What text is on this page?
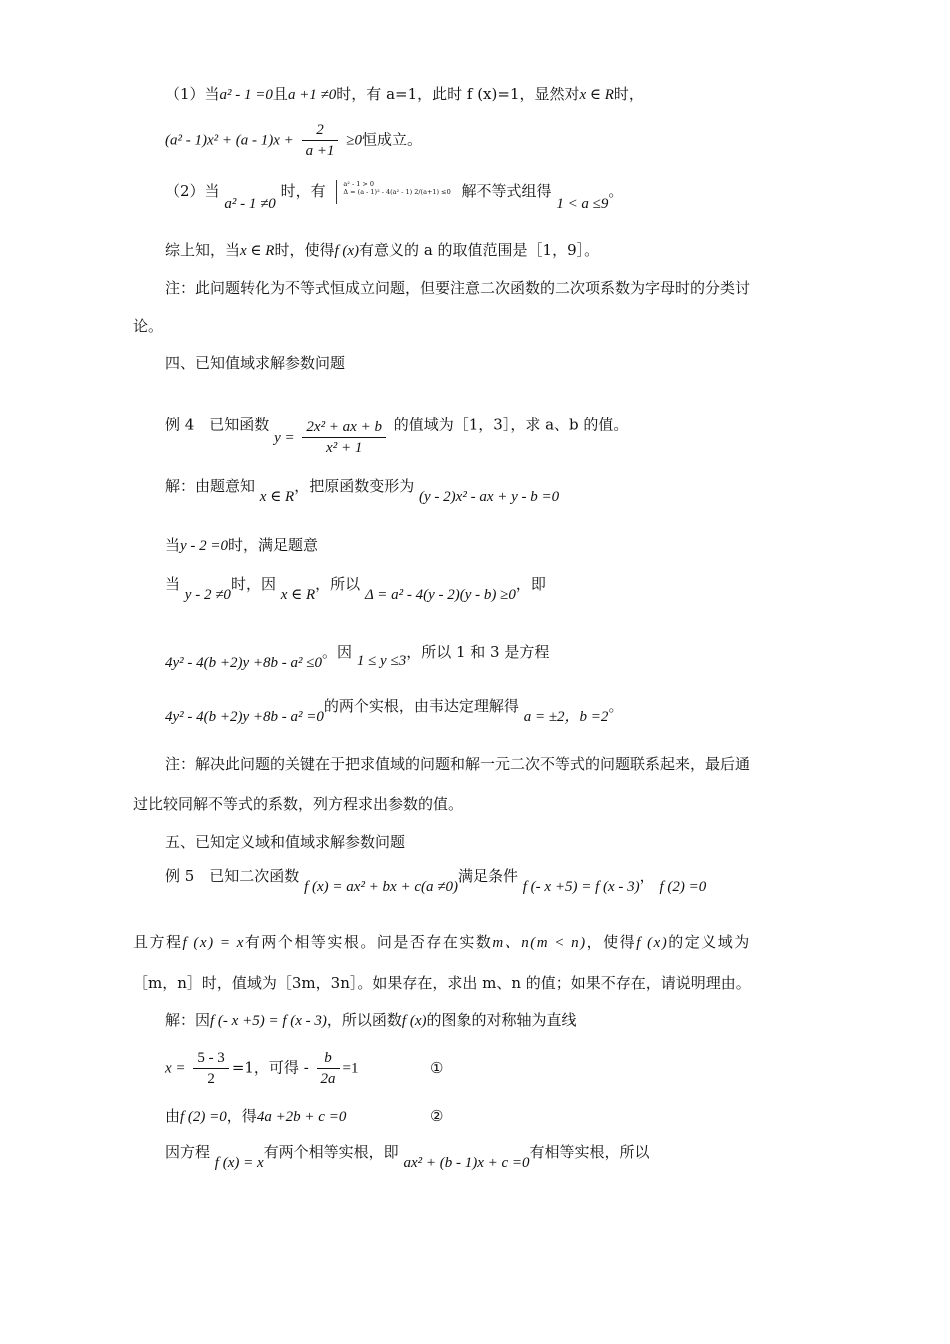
（1）当a² - 1 =0且a +1 ≠0时，有 a=1，此时 f (x)=1，显然对x ∈ R时，
$(a^2 - 1)x^2 + (a - 1)x + \frac{2}{a +1} \ge 0$恒成立。
（2）当 a² - 1 ≠0 时，有	a² - 1 > 0
Δ = (a - 1)² - 4(a² - 1) 2/(a+1) ≤0 解不等式组得 1 < a ≤9。
综上知，当x ∈ R时，使得f (x)有意义的 a 的取值范围是［1，9］。
注：此问题转化为不等式恒成立问题，但要注意二次函数的二次项系数为字母时的分类讨
论。
四、已知值域求解参数问题
例 4　已知函数 $y = \frac{\text{2x² + ax + b}}{\text{x² + 1}}$ 的值域为［1，3］，求 a、b 的值。
解：由题意知 x ∈ R，把原函数变形为 (y - 2)x² - ax + y - b =0
当y - 2 =0时，满足题意
当 y - 2 ≠0时，因 x ∈ R，所以 Δ = a² - 4(y - 2)(y - b) ≥0，即
4y² - 4(b +2)y +8b - a² ≤0。因 1 ≤ y ≤3，所以 1 和 3 是方程
4y² - 4(b +2)y +8b - a² =0的两个实根，由韦达定理解得 a = ±2，b =2。
注：解决此问题的关键在于把求值域的问题和解一元二次不等式的问题联系起来，最后通
过比较同解不等式的系数，列方程求出参数的值。
五、已知定义域和值域求解参数问题
例 5　已知二次函数 f (x) = ax² + bx + c(a ≠0)满足条件 f (- x +5) = f (x - 3)， f (2) =0
且方程f (x) = x有两个相等实根。问是否存在实数m、n(m < n)，使得f (x)的定义域为
［m，n］时，值域为［3m，3n］。如果存在，求出 m、n 的值；如果不存在，请说明理由。
解：因f (- x +5) = f (x - 3)，所以函数f (x)的图象的对称轴为直线
$x = \frac{5 - 3}{2} =1$，可得 - $\frac{b}{2a} =1$	①
由f (2) =0，得4a +2b + c =0	②
因方程 f (x) = x有两个相等实根，即 ax² + (b - 1)x + c =0有相等实根，所以
